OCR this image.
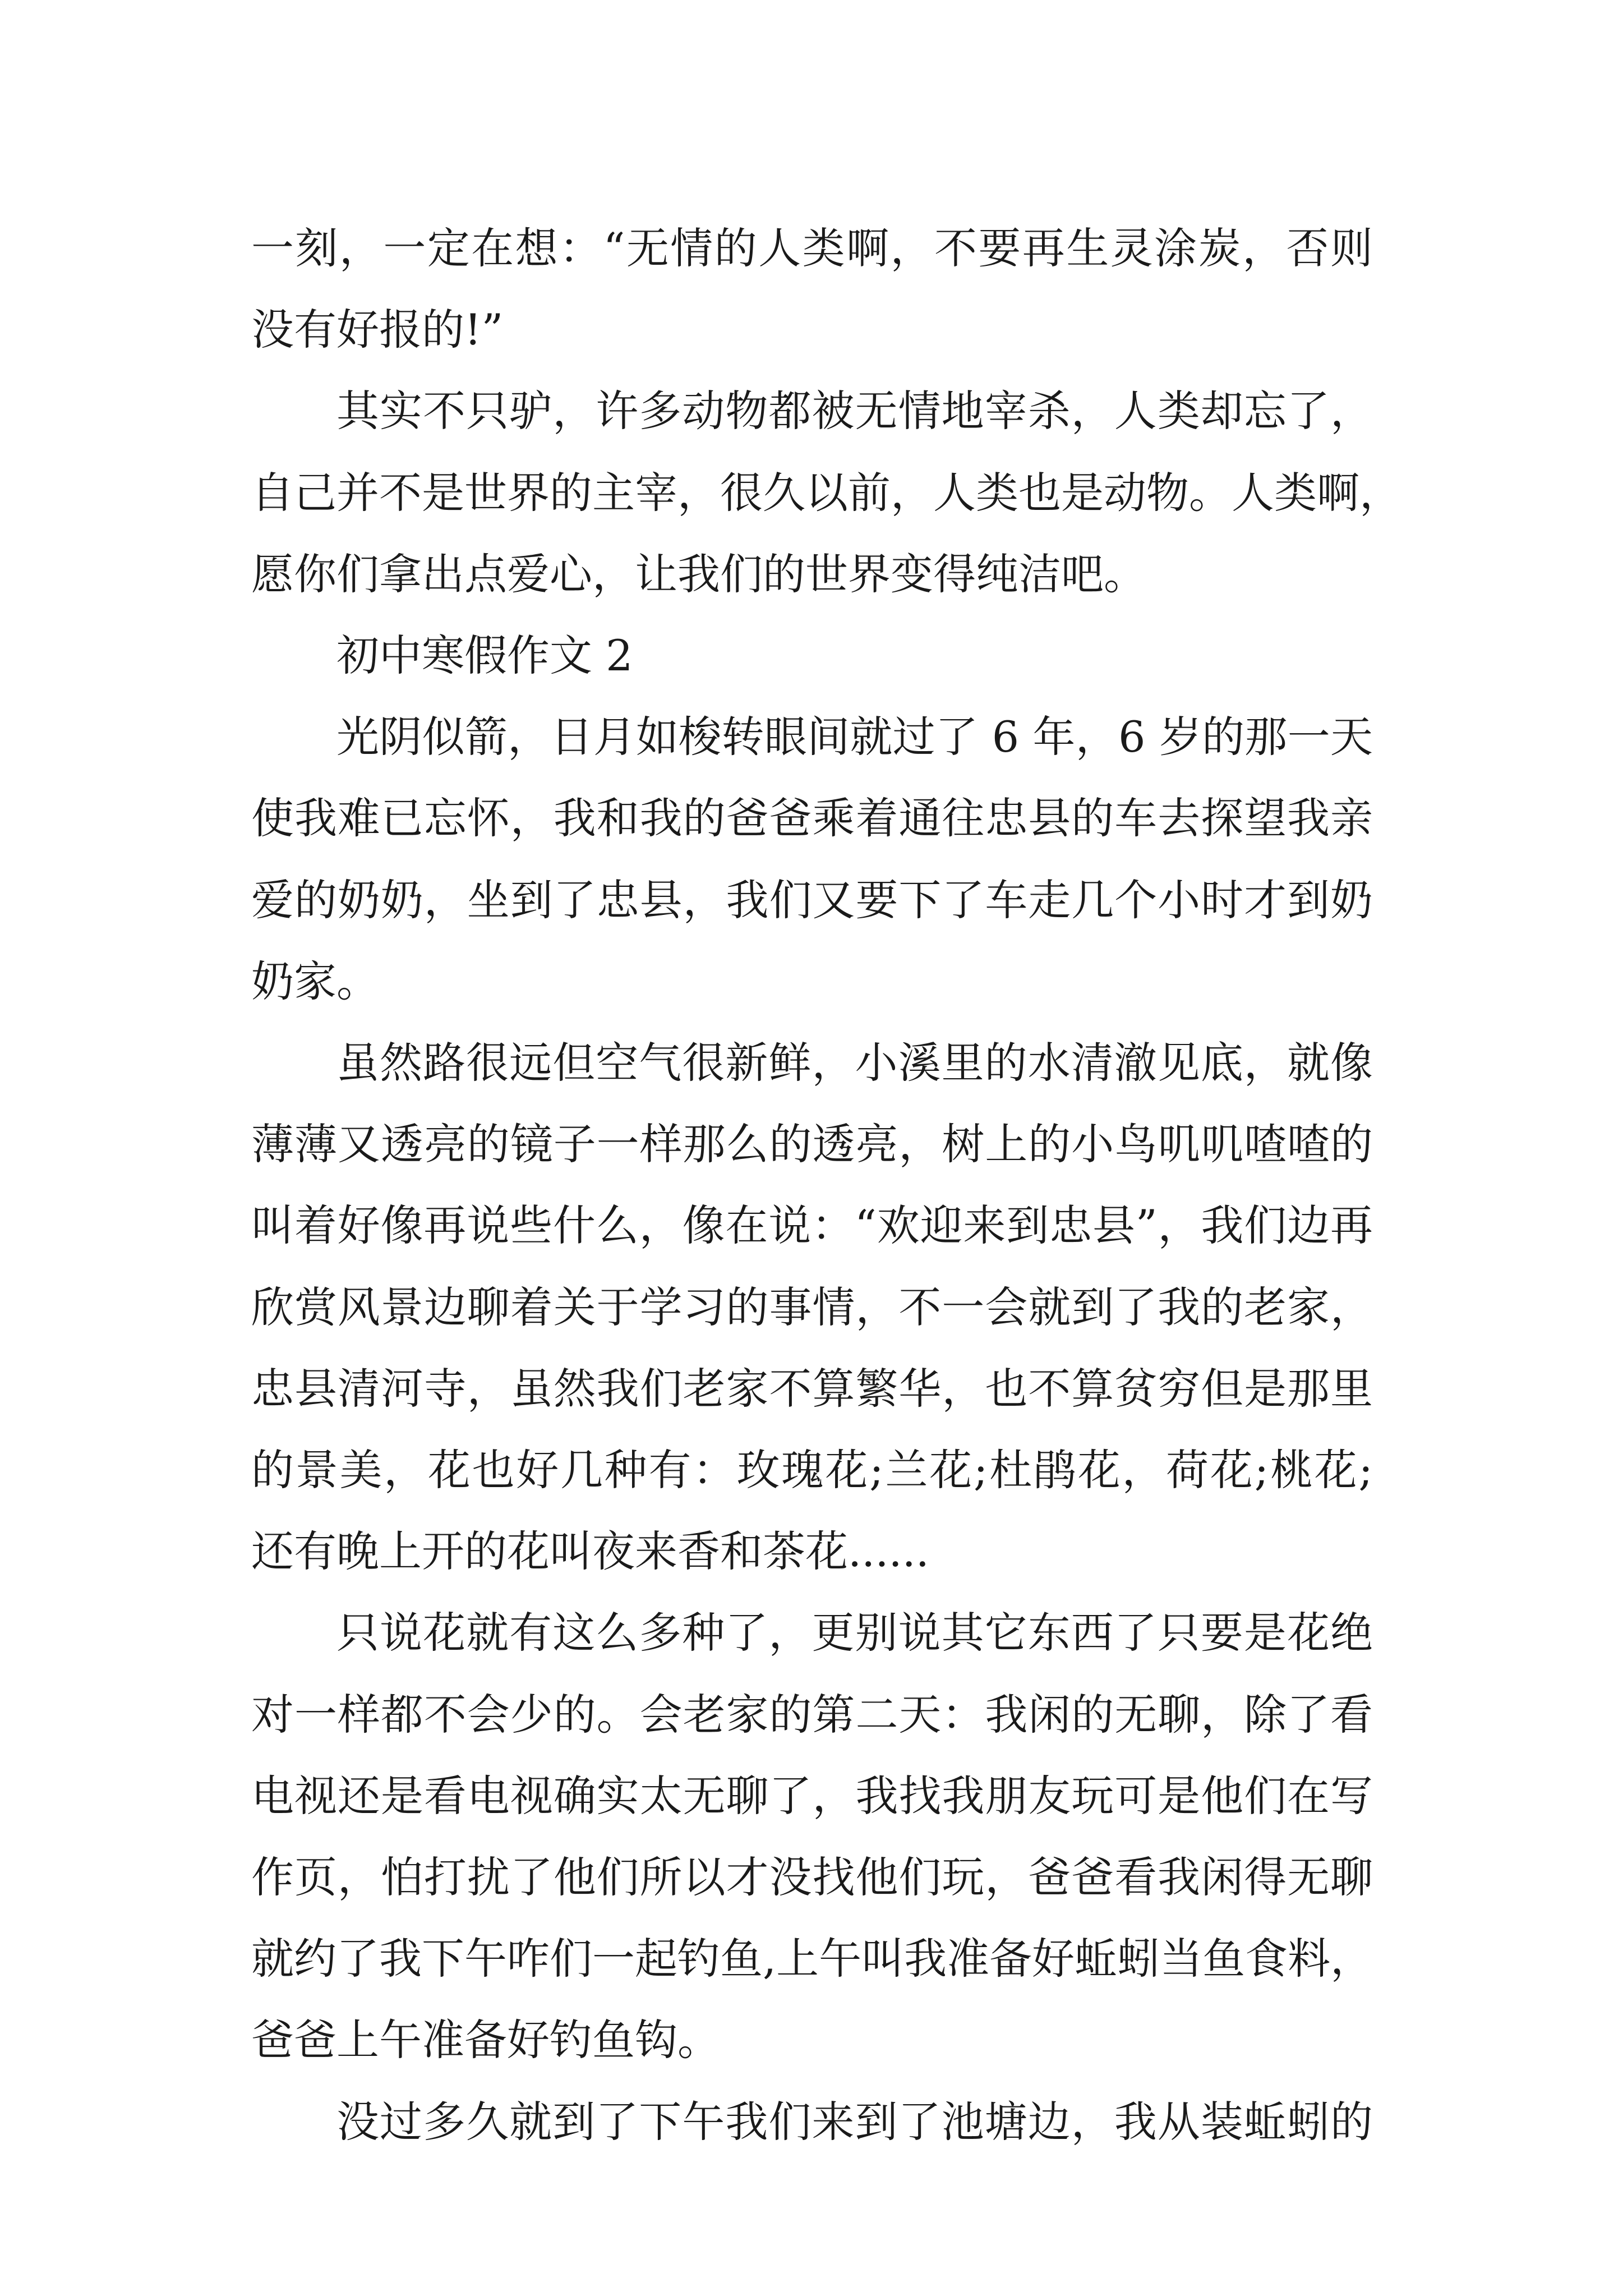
一刻，一定在想：“无情的人类啊，不要再生灵涂炭，否则
没有好报的!”

其实不只驴，许多动物都被无情地宰杀，人类却忘了，
自己并不是世界的主宰，很久以前，人类也是动物。人类啊，
愿你们拿出点爱心，让我们的世界变得纯洁吧。

初中寒假作文 2

光阴似箭，日月如梭转眼间就过了 6 年，6 岁的那一天
使我难已忘怀，我和我的爸爸乘着通往忠县的车去探望我亲
爱的奶奶，坐到了忠县，我们又要下了车走几个小时才到奶
奶家。

虽然路很远但空气很新鲜，小溪里的水清澈见底，就像
薄薄又透亮的镜子一样那么的透亮，树上的小鸟叽叽喳喳的
叫着好像再说些什么，像在说：“欢迎来到忠县”，我们边再
欣赏风景边聊着关于学习的事情，不一会就到了我的老家，
忠县清河寺，虽然我们老家不算繁华，也不算贫穷但是那里
的景美，花也好几种有：玫瑰花;兰花;杜鹃花，荷花;桃花;
还有晚上开的花叫夜来香和茶花......

只说花就有这么多种了，更别说其它东西了只要是花绝
对一样都不会少的。会老家的第二天：我闲的无聊，除了看
电视还是看电视确实太无聊了，我找我朋友玩可是他们在写
作页，怕打扰了他们所以才没找他们玩，爸爸看我闲得无聊
就约了我下午咋们一起钓鱼,上午叫我准备好蚯蚓当鱼食料，
爸爸上午准备好钓鱼钩。

没过多久就到了下午我们来到了池塘边，我从装蚯蚓的
